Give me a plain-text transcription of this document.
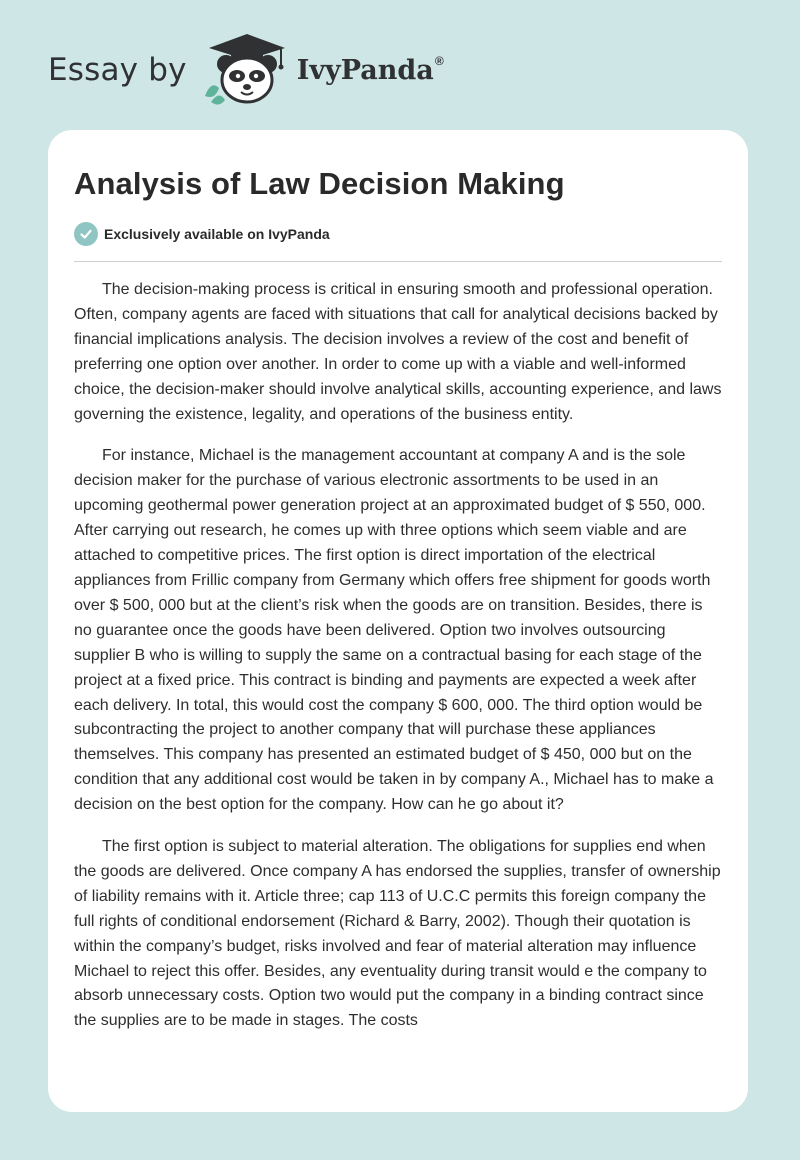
Essay by	IvyPanda®
Analysis of Law Decision Making
Exclusively available on IvyPanda

The decision-making process is critical in ensuring smooth and professional operation. Often, company agents are faced with situations that call for analytical decisions backed by financial implications analysis. The decision involves a review of the cost and benefit of preferring one option over another. In order to come up with a viable and well-informed choice, the decision-maker should involve analytical skills, accounting experience, and laws governing the existence, legality, and operations of the business entity.

For instance, Michael is the management accountant at company A and is the sole decision maker for the purchase of various electronic assortments to be used in an upcoming geothermal power generation project at an approximated budget of $ 550, 000. After carrying out research, he comes up with three options which seem viable and are attached to competitive prices. The first option is direct importation of the electrical appliances from Frillic company from Germany which offers free shipment for goods worth over $ 500, 000 but at the client’s risk when the goods are on transition. Besides, there is no guarantee once the goods have been delivered. Option two involves outsourcing supplier B who is willing to supply the same on a contractual basing for each stage of the project at a fixed price. This contract is binding and payments are expected a week after each delivery. In total, this would cost the company $ 600, 000. The third option would be subcontracting the project to another company that will purchase these appliances themselves. This company has presented an estimated budget of $ 450, 000 but on the condition that any additional cost would be taken in by company A., Michael has to make a decision on the best option for the company. How can he go about it?

The first option is subject to material alteration. The obligations for supplies end when the goods are delivered. Once company A has endorsed the supplies, transfer of ownership of liability remains with it. Article three; cap 113 of U.C.C permits this foreign company the full rights of conditional endorsement (Richard & Barry, 2002). Though their quotation is within the company’s budget, risks involved and fear of material alteration may influence Michael to reject this offer. Besides, any eventuality during transit would e the company to absorb unnecessary costs. Option two would put the company in a binding contract since the supplies are to be made in stages. The costs
